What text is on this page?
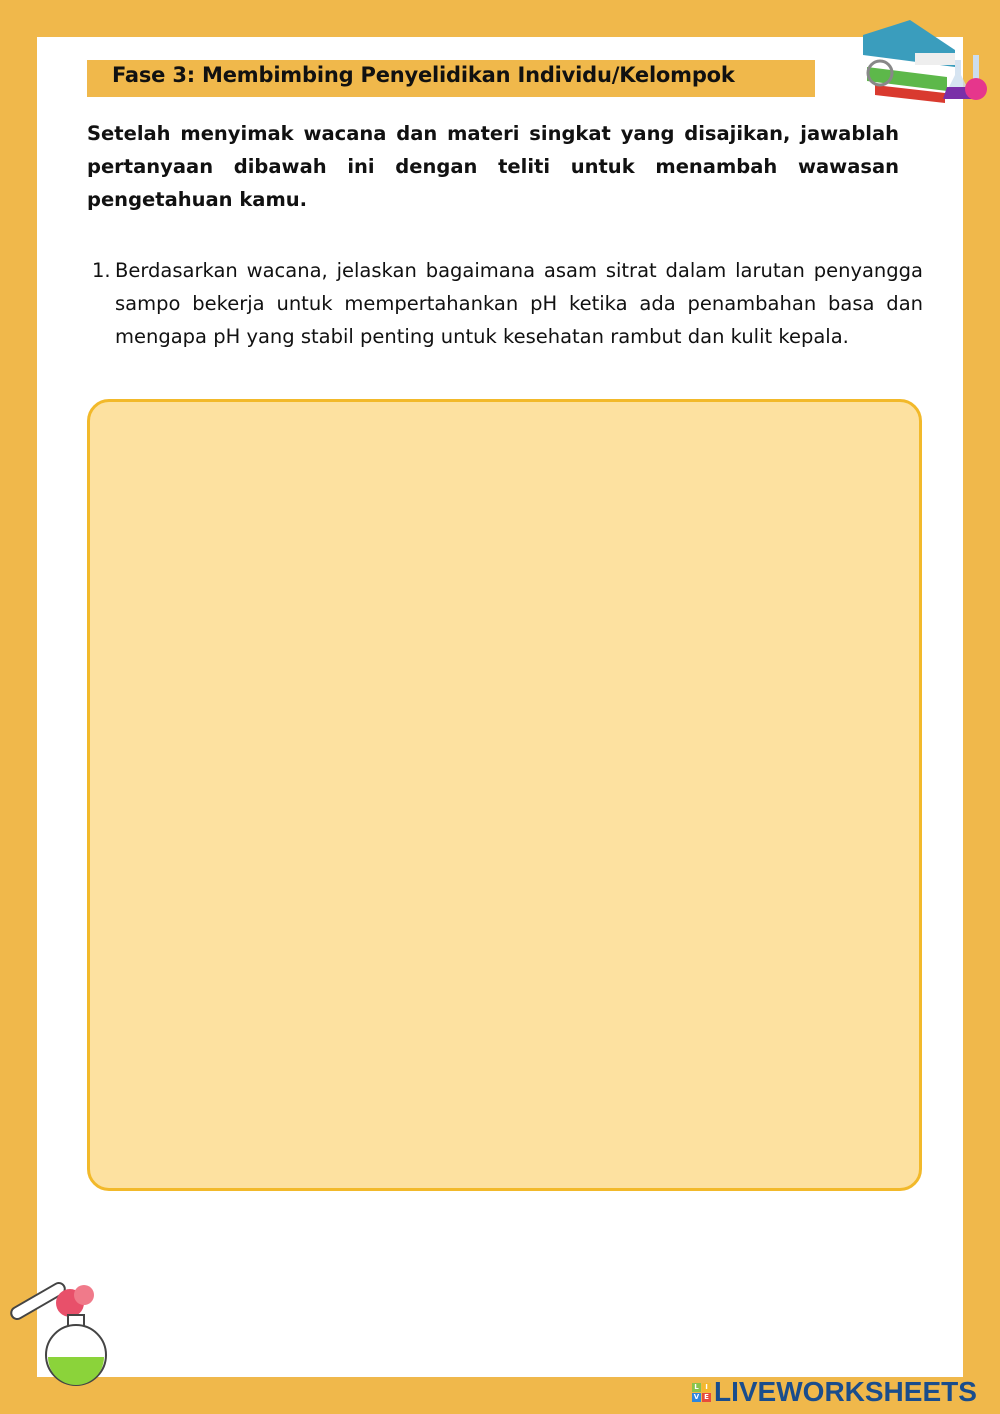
Fase 3: Membimbing Penyelidikan Individu/Kelompok
Setelah menyimak wacana dan materi singkat yang disajikan, jawablah pertanyaan dibawah ini dengan teliti untuk menambah wawasan pengetahuan kamu.
1. Berdasarkan wacana, jelaskan bagaimana asam sitrat dalam larutan penyangga sampo bekerja untuk mempertahankan pH ketika ada penambahan basa dan mengapa pH yang stabil penting untuk kesehatan rambut dan kulit kepala.
L I
V E LIVEWORKSHEETS
